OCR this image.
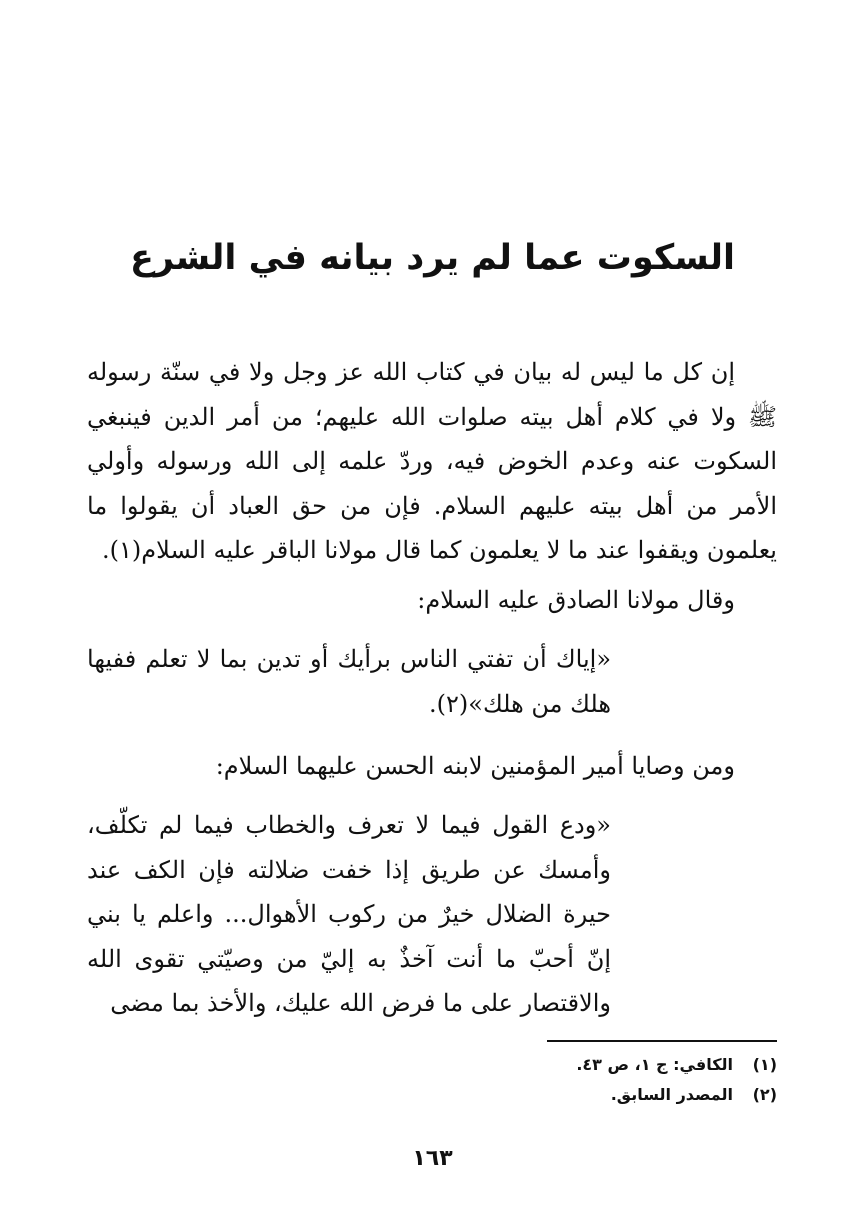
السكوت عما لم يرد بيانه في الشرع

إن كل ما ليس له بيان في كتاب الله عز وجل ولا في سنّة رسوله ﷺ ولا في كلام أهل بيته صلوات الله عليهم؛ من أمر الدين فينبغي السكوت عنه وعدم الخوض فيه، وردّ علمه إلى الله ورسوله وأولي الأمر من أهل بيته عليهم السلام. فإن من حق العباد أن يقولوا ما يعلمون ويقفوا عند ما لا يعلمون كما قال مولانا الباقر عليه السلام(١).

وقال مولانا الصادق عليه السلام:

«إياك أن تفتي الناس برأيك أو تدين بما لا تعلم ففيها هلك من هلك»(٢).

ومن وصايا أمير المؤمنين لابنه الحسن عليهما السلام:

«ودع القول فيما لا تعرف والخطاب فيما لم تكلّف، وأمسك عن طريق إذا خفت ضلالته فإن الكف عند حيرة الضلال خيرٌ من ركوب الأهوال... واعلم يا بني إنّ أحبّ ما أنت آخذٌ به إليّ من وصيّتي تقوى الله والاقتصار على ما فرض الله عليك، والأخذ بما مضى

(١)
الكافي: ج ١، ص ٤٣.
(٢)
المصدر السابق.
١٦٣
